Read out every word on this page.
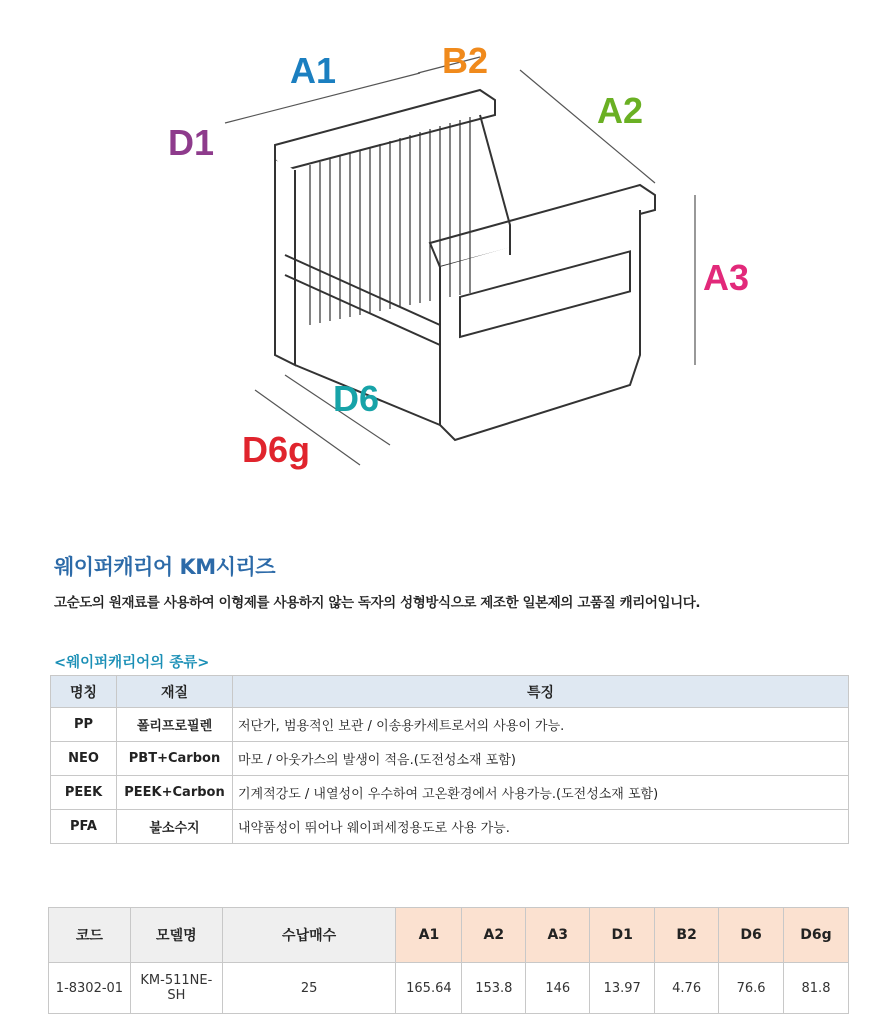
A1	B2
A2
D1
A3
D6
D6g
웨이퍼캐리어 KM시리즈
고순도의 원재료를 사용하여 이형제를 사용하지 않는 독자의 성형방식으로 제조한 일본제의 고품질 캐리어입니다.
<웨이퍼캐리어의 종류>
명칭	재질	특징
PP	폴리프로필렌	저단가, 범용적인 보관 / 이송용카세트로서의 사용이 가능.
NEO	PBT+Carbon	마모 / 아웃가스의 발생이 적음.(도전성소재 포함)
PEEK	PEEK+Carbon	기계적강도 / 내열성이 우수하여 고온환경에서 사용가능.(도전성소재 포함)
PFA	불소수지	내약품성이 뛰어나 웨이퍼세정용도로 사용 가능.
코드	모델명	수납매수	A1	A2	A3	D1	B2	D6	D6g
1-8302-01	KM-511NE-SH	25	165.64	153.8	146	13.97	4.76	76.6	81.8
